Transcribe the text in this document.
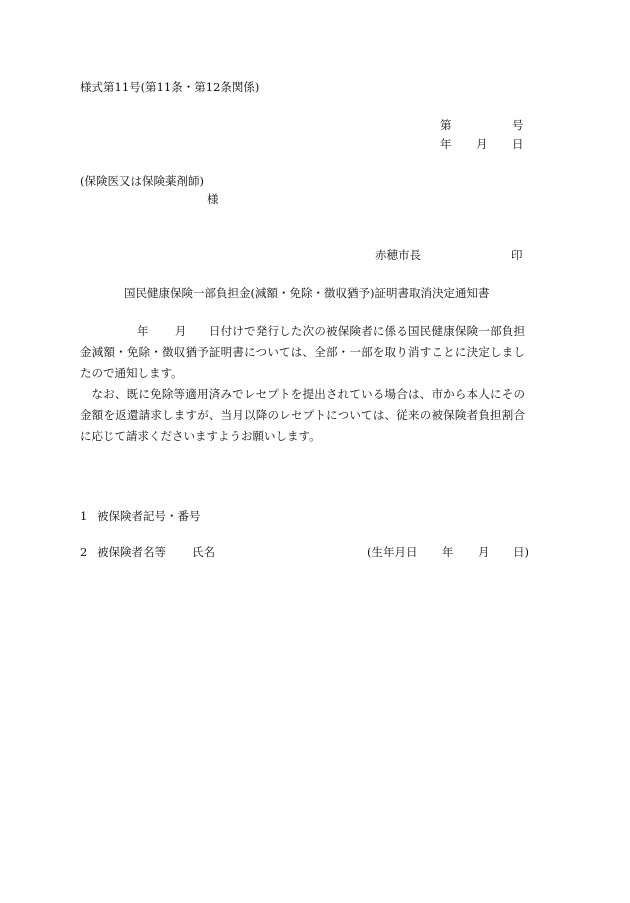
様式第11号(第11条・第12条関係)
第	号
年 月 日
(保険医又は保険薬剤師)
様
赤穂市長	印
国民健康保険一部負担金(減額・免除・徴収猶予)証明書取消決定通知書
年 月 日付けで発行した次の被保険者に係る国民健康保険一部負担金減額・免除・徴収猶予証明書については、全部・一部を取り消すことに決定しましたので通知します。
なお、既に免除等適用済みでレセプトを提出されている場合は、市から本人にその金額を返還請求しますが、当月以降のレセプトについては、従来の被保険者負担割合に応じて請求くださいますようお願いします。
1 被保険者記号・番号
2 被保険者名等 氏名	(生年月日 年 月 日)
